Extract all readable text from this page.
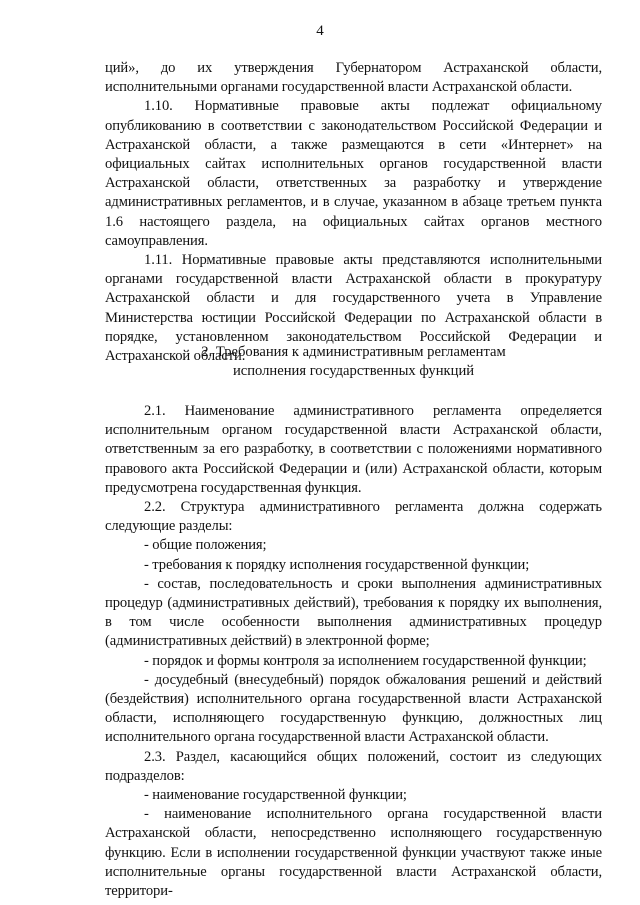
4

ций», до их утверждения Губернатором Астраханской области, исполнительными органами государственной власти Астраханской области.

1.10. Нормативные правовые акты подлежат официальному опубликованию в соответствии с законодательством Российской Федерации и Астраханской области, а также размещаются в сети «Интернет» на официальных сайтах исполнительных органов государственной власти Астраханской области, ответственных за разработку и утверждение административных регламентов, и в случае, указанном в абзаце третьем пункта 1.6 настоящего раздела, на официальных сайтах органов местного самоуправления.

1.11. Нормативные правовые акты представляются исполнительными органами государственной власти Астраханской области в прокуратуру Астраханской области и для государственного учета в Управление Министерства юстиции Российской Федерации по Астраханской области в порядке, установленном законодательством Российской Федерации и Астраханской области.

2. Требования к административным регламентам

исполнения государственных функций

2.1. Наименование административного регламента определяется исполнительным органом государственной власти Астраханской области, ответственным за его разработку, в соответствии с положениями нормативного правового акта Российской Федерации и (или) Астраханской области, которым предусмотрена государственная функция.

2.2. Структура административного регламента должна содержать следующие разделы:

- общие положения;

- требования к порядку исполнения государственной функции;

- состав, последовательность и сроки выполнения административных процедур (административных действий), требования к порядку их выполнения, в том числе особенности выполнения административных процедур (административных действий) в электронной форме;

- порядок и формы контроля за исполнением государственной функции;

- досудебный (внесудебный) порядок обжалования решений и действий (бездействия) исполнительного органа государственной власти Астраханской области, исполняющего государственную функцию, должностных лиц исполнительного органа государственной власти Астраханской области.

2.3. Раздел, касающийся общих положений, состоит из следующих подразделов:

- наименование государственной функции;

- наименование исполнительного органа государственной власти Астраханской области, непосредственно исполняющего государственную функцию. Если в исполнении государственной функции участвуют также иные исполнительные органы государственной власти Астраханской области, территори-
